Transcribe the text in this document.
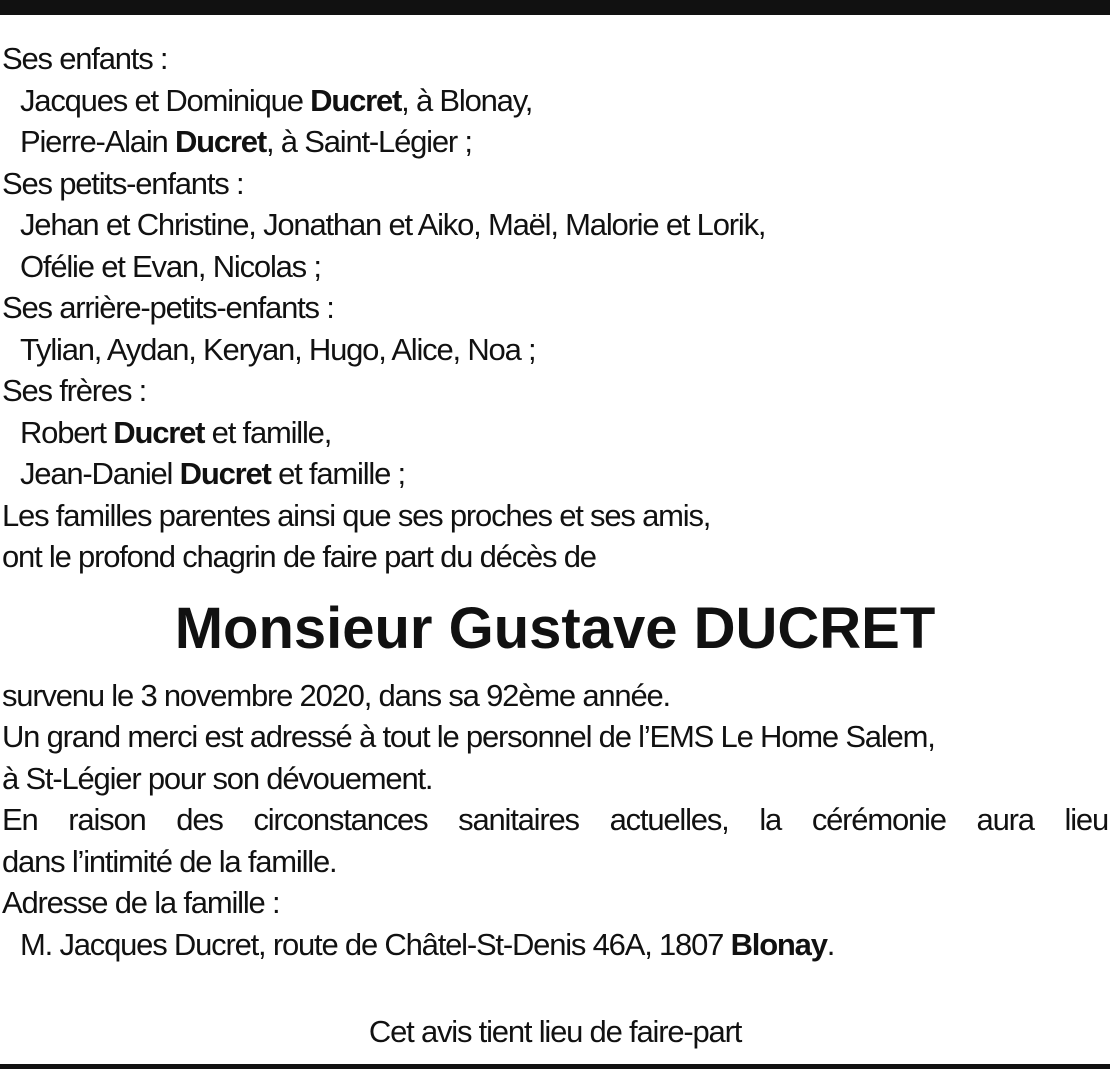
Ses enfants :
Jacques et Dominique Ducret, à Blonay,
Pierre-Alain Ducret, à Saint-Légier ;
Ses petits-enfants :
Jehan et Christine, Jonathan et Aiko, Maël, Malorie et Lorik,
Ofélie et Evan, Nicolas ;
Ses arrière-petits-enfants :
Tylian, Aydan, Keryan, Hugo, Alice, Noa ;
Ses frères :
Robert Ducret et famille,
Jean-Daniel Ducret et famille ;
Les familles parentes ainsi que ses proches et ses amis,
ont le profond chagrin de faire part du décès de
Monsieur Gustave DUCRET
survenu le 3 novembre 2020, dans sa 92ème année.
Un grand merci est adressé à tout le personnel de l’EMS Le Home Salem,
à St-Légier pour son dévouement.
En raison des circonstances sanitaires actuelles, la cérémonie aura lieu
dans l’intimité de la famille.
Adresse de la famille :
M. Jacques Ducret, route de Châtel-St-Denis 46A, 1807 Blonay.
Cet avis tient lieu de faire-part
